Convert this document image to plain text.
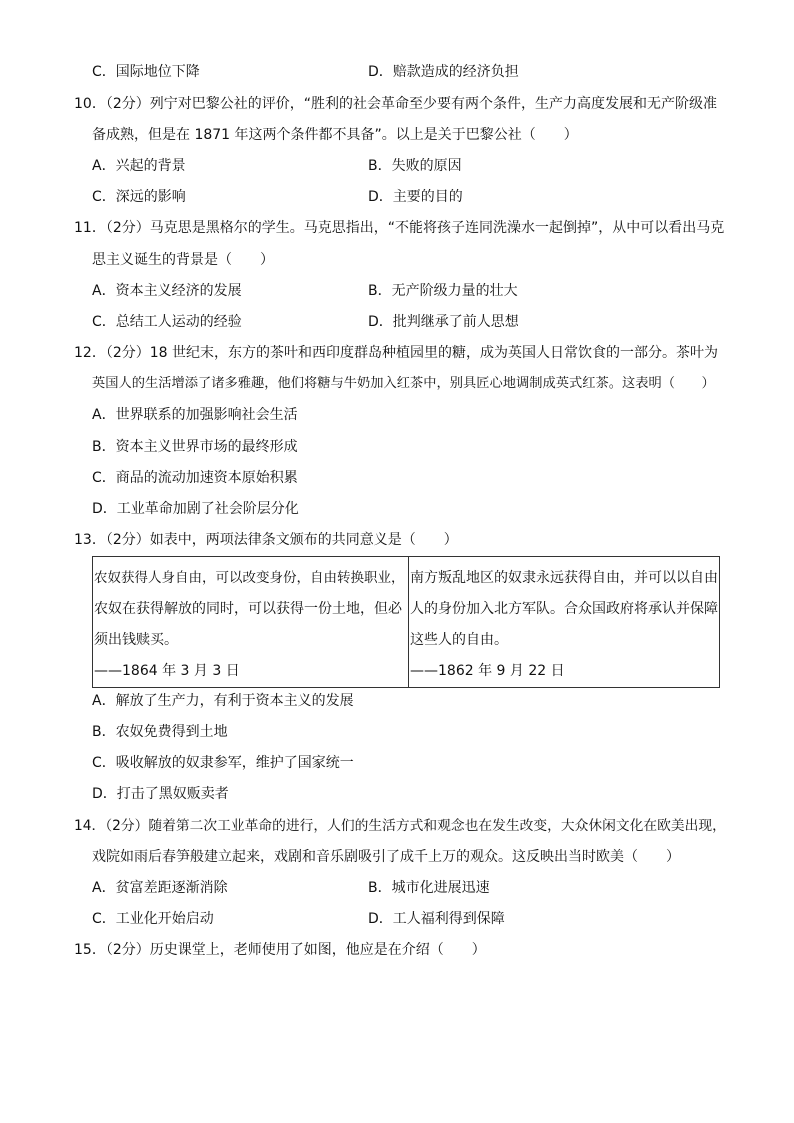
C．国际地位下降	D．赔款造成的经济负担
10．（2分）列宁对巴黎公社的评价，“胜利的社会革命至少要有两个条件，生产力高度发展和无产阶级准
备成熟，但是在 1871 年这两个条件都不具备”。以上是关于巴黎公社（　　）
A．兴起的背景	B．失败的原因
C．深远的影响	D．主要的目的
11．（2分）马克思是黑格尔的学生。马克思指出，“不能将孩子连同洗澡水一起倒掉”，从中可以看出马克
思主义诞生的背景是（　　）
A．资本主义经济的发展	B．无产阶级力量的壮大
C．总结工人运动的经验	D．批判继承了前人思想
12．（2分）18 世纪末，东方的茶叶和西印度群岛种植园里的糖，成为英国人日常饮食的一部分。茶叶为
英国人的生活增添了诸多雅趣，他们将糖与牛奶加入红茶中，别具匠心地调制成英式红茶。这表明（　　）
A．世界联系的加强影响社会生活
B．资本主义世界市场的最终形成
C．商品的流动加速资本原始积累
D．工业革命加剧了社会阶层分化
13．（2分）如表中，两项法律条文颁布的共同意义是（　　）
农奴获得人身自由，可以改变身份，自由转换职业，
农奴在获得解放的同时，可以获得一份土地，但必
须出钱赎买。
——1864 年 3 月 3 日

南方叛乱地区的奴隶永远获得自由，并可以以自由
人的身份加入北方军队。合众国政府将承认并保障
这些人的自由。
——1862 年 9 月 22 日
A．解放了生产力，有利于资本主义的发展
B．农奴免费得到土地
C．吸收解放的奴隶参军，维护了国家统一
D．打击了黑奴贩卖者
14．（2分）随着第二次工业革命的进行，人们的生活方式和观念也在发生改变，大众休闲文化在欧美出现，
戏院如雨后春笋般建立起来，戏剧和音乐剧吸引了成千上万的观众。这反映出当时欧美（　　）
A．贫富差距逐渐消除	B．城市化进展迅速
C．工业化开始启动	D．工人福利得到保障
15．（2分）历史课堂上，老师使用了如图，他应是在介绍（　　）
